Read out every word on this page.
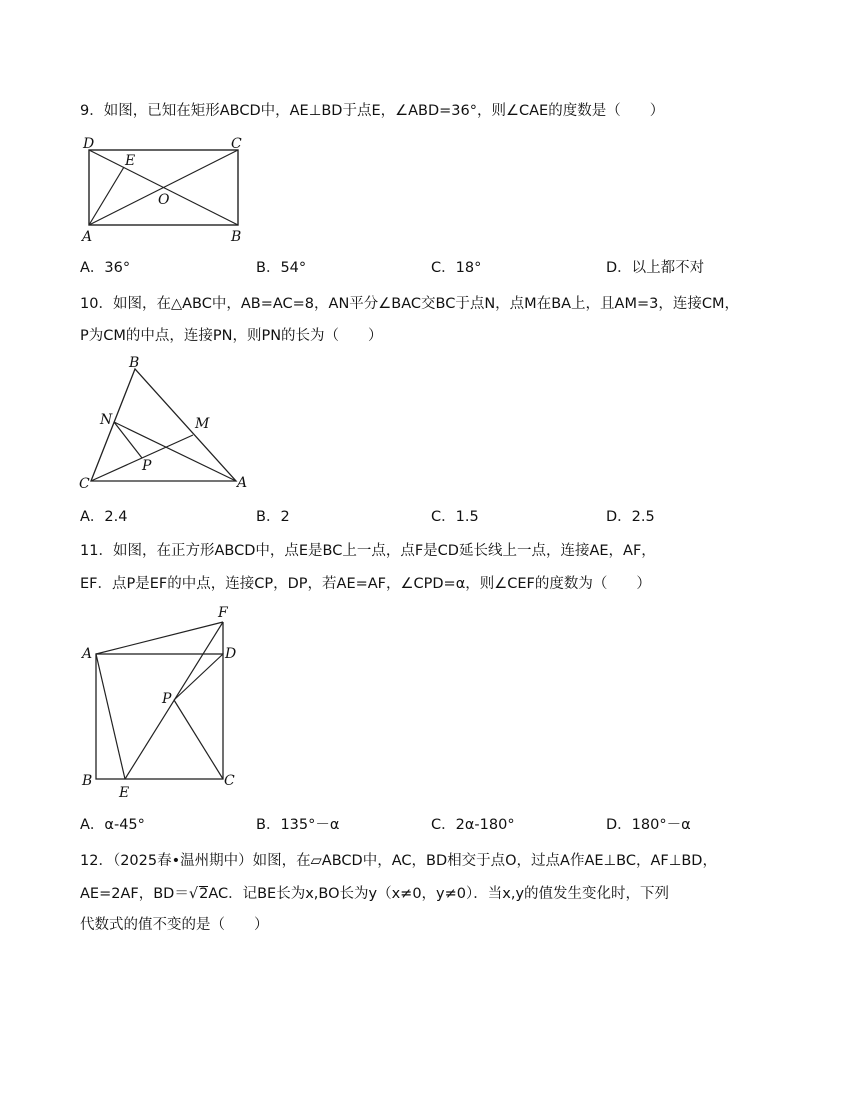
9．如图，已知在矩形ABCD中，AE⊥BD于点E，∠ABD=36°，则∠CAE的度数是（　　）
D	C
E
O
A	B
A．36°	B．54°	C．18°	D．以上都不对
10．如图，在△ABC中，AB=AC=8，AN平分∠BAC交BC于点N，点M在BA上，且AM=3，连接CM，
P为CM的中点，连接PN，则PN的长为（　　）
B
N	M
P
C	A
A．2.4	B．2	C．1.5	D．2.5
11．如图，在正方形ABCD中，点E是BC上一点，点F是CD延长线上一点，连接AE，AF，
EF．点P是EF的中点，连接CP，DP，若AE=AF，∠CPD=α，则∠CEF的度数为（　　）
F
A	D
P
B
E
C
A．α-45°	B．135°－α	C．2α-180°	D．180°－α
12．（2025春•温州期中）如图，在▱ABCD中，AC，BD相交于点O，过点A作AE⊥BC，AF⊥BD，
AE=2AF，BD＝√2AC．记BE长为x,BO长为y（x≠0，y≠0）．当x,y的值发生变化时，下列
代数式的值不变的是（　　）
